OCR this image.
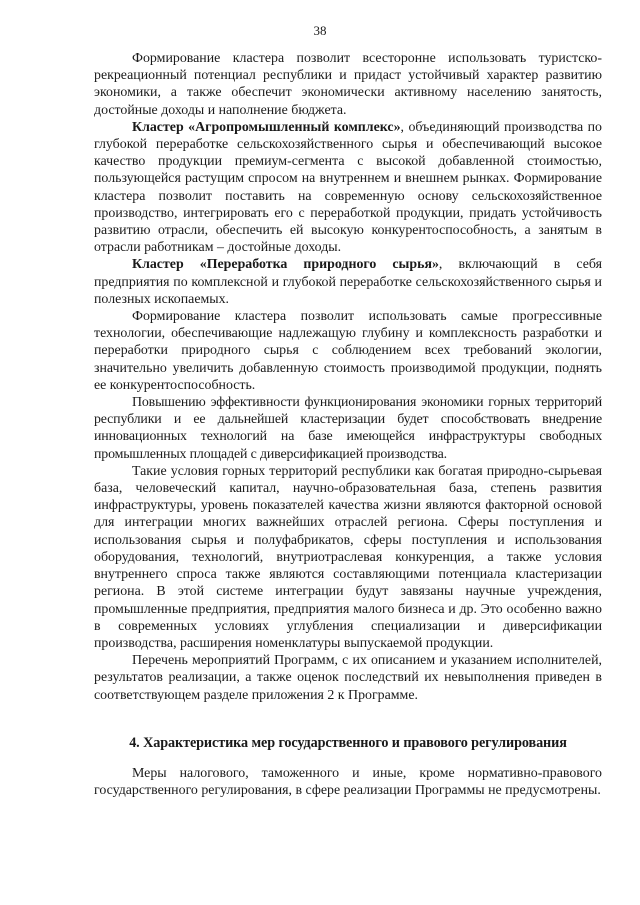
38

Формирование кластера позволит всесторонне использовать туристско-рекреационный потенциал республики и придаст устойчивый характер развитию экономики, а также обеспечит экономически активному населению занятость, достойные доходы и наполнение бюджета.

Кластер «Агропромышленный комплекс», объединяющий производства по глубокой переработке сельскохозяйственного сырья и обеспечивающий высокое качество продукции премиум-сегмента с высокой добавленной стоимостью, пользующейся растущим спросом на внутреннем и внешнем рынках. Формирование кластера позволит поставить на современную основу сельскохозяйственное производство, интегрировать его с переработкой продукции, придать устойчивость развитию отрасли, обеспечить ей высокую конкурентоспособность, а занятым в отрасли работникам – достойные доходы.

Кластер «Переработка природного сырья», включающий в себя предприятия по комплексной и глубокой переработке сельскохозяйственного сырья и полезных ископаемых.

Формирование кластера позволит использовать самые прогрессивные технологии, обеспечивающие надлежащую глубину и комплексность разработки и переработки природного сырья с соблюдением всех требований экологии, значительно увеличить добавленную стоимость производимой продукции, поднять ее конкурентоспособность.

Повышению эффективности функционирования экономики горных территорий республики и ее дальнейшей кластеризации будет способствовать внедрение инновационных технологий на базе имеющейся инфраструктуры свободных промышленных площадей с диверсификацией производства.

Такие условия горных территорий республики как богатая природно-сырьевая база, человеческий капитал, научно-образовательная база, степень развития инфраструктуры, уровень показателей качества жизни являются факторной основой для интеграции многих важнейших отраслей региона. Сферы поступления и использования сырья и полуфабрикатов, сферы поступления и использования оборудования, технологий, внутриотраслевая конкуренция, а также условия внутреннего спроса также являются составляющими потенциала кластеризации региона. В этой системе интеграции будут завязаны научные учреждения, промышленные предприятия, предприятия малого бизнеса и др. Это особенно важно в современных условиях углубления специализации и диверсификации производства, расширения номенклатуры выпускаемой продукции.

Перечень мероприятий Программ, с их описанием и указанием исполнителей, результатов реализации, а также оценок последствий их невыполнения приведен в соответствующем разделе приложения 2 к Программе.

4. Характеристика мер государственного и правового регулирования

Меры налогового, таможенного и иные, кроме нормативно-правового государственного регулирования, в сфере реализации Программы не предусмотрены.
